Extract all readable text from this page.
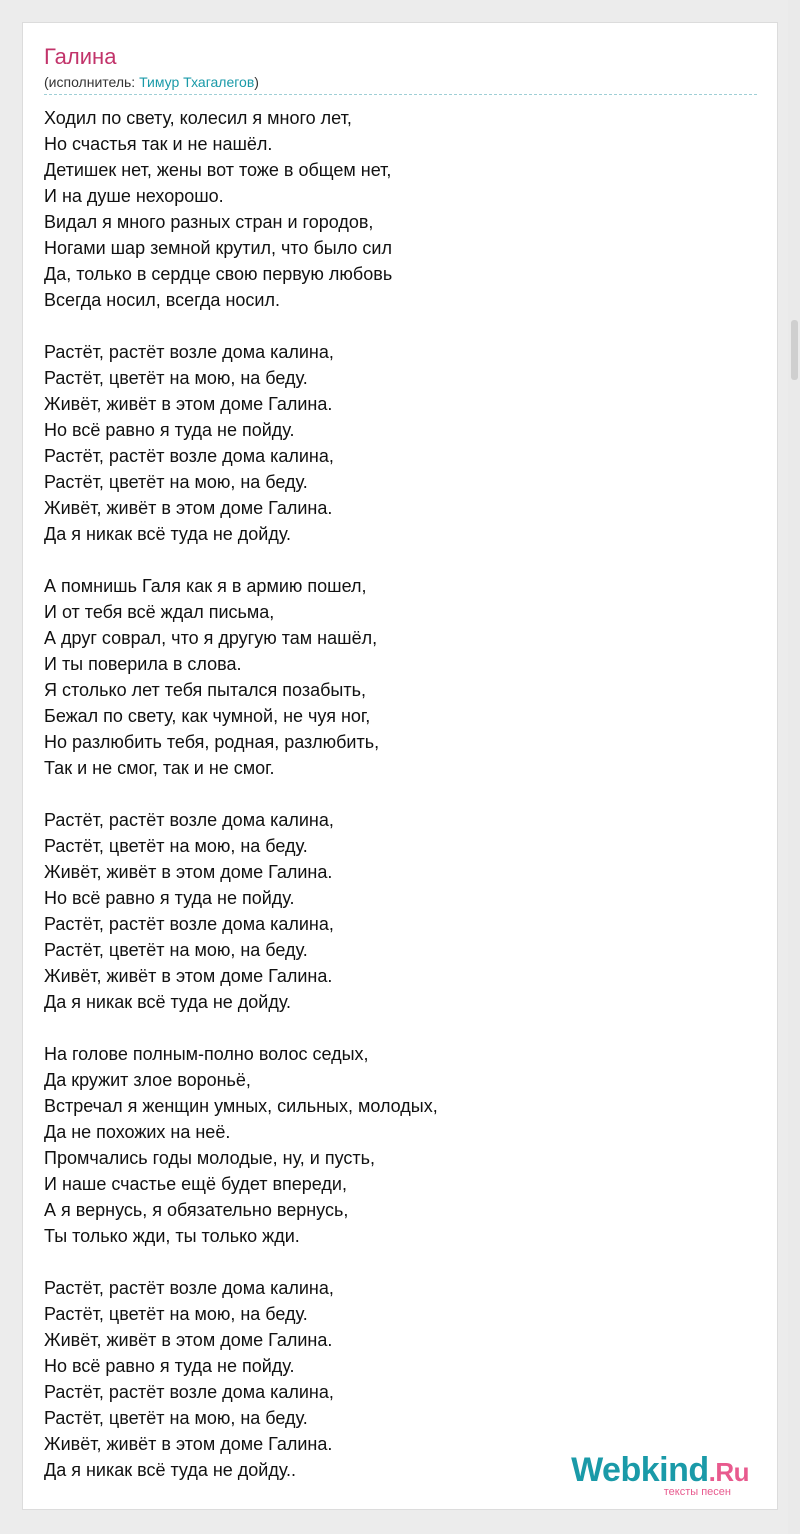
Галина
(исполнитель: Тимур Тхагалегов)
Ходил по свету, колесил я много лет,
Но счастья так и не нашёл.
Детишек нет, жены вот тоже в общем нет,
И на душе нехорошо.
Видал я много разных стран и городов,
Ногами шар земной крутил, что было сил
Да, только в сердце свою первую любовь
Всегда носил, всегда носил.
Растёт, растёт возле дома калина,
Растёт, цветёт на мою, на беду.
Живёт, живёт в этом доме Галина.
Но всё равно я туда не пойду.
Растёт, растёт возле дома калина,
Растёт, цветёт на мою, на беду.
Живёт, живёт в этом доме Галина.
Да я никак всё туда не дойду.
А помнишь Галя как я в армию пошел,
И от тебя всё ждал письма,
А друг соврал, что я другую там нашёл,
И ты поверила в слова.
Я столько лет тебя пытался позабыть,
Бежал по свету, как чумной, не чуя ног,
Но разлюбить тебя, родная, разлюбить,
Так и не смог, так и не смог.
Растёт, растёт возле дома калина,
Растёт, цветёт на мою, на беду.
Живёт, живёт в этом доме Галина.
Но всё равно я туда не пойду.
Растёт, растёт возле дома калина,
Растёт, цветёт на мою, на беду.
Живёт, живёт в этом доме Галина.
Да я никак всё туда не дойду.
На голове полным-полно волос седых,
Да кружит злое вороньё,
Встречал я женщин умных, сильных, молодых,
Да не похожих на неё.
Промчались годы молодые, ну, и пусть,
И наше счастье ещё будет впереди,
А я вернусь, я обязательно вернусь,
Ты только жди, ты только жди.
Растёт, растёт возле дома калина,
Растёт, цветёт на мою, на беду.
Живёт, живёт в этом доме Галина.
Но всё равно я туда не пойду.
Растёт, растёт возле дома калина,
Растёт, цветёт на мою, на беду.
Живёт, живёт в этом доме Галина.
Да я никак всё туда не дойду..	Webkind.Ru
тексты песен
